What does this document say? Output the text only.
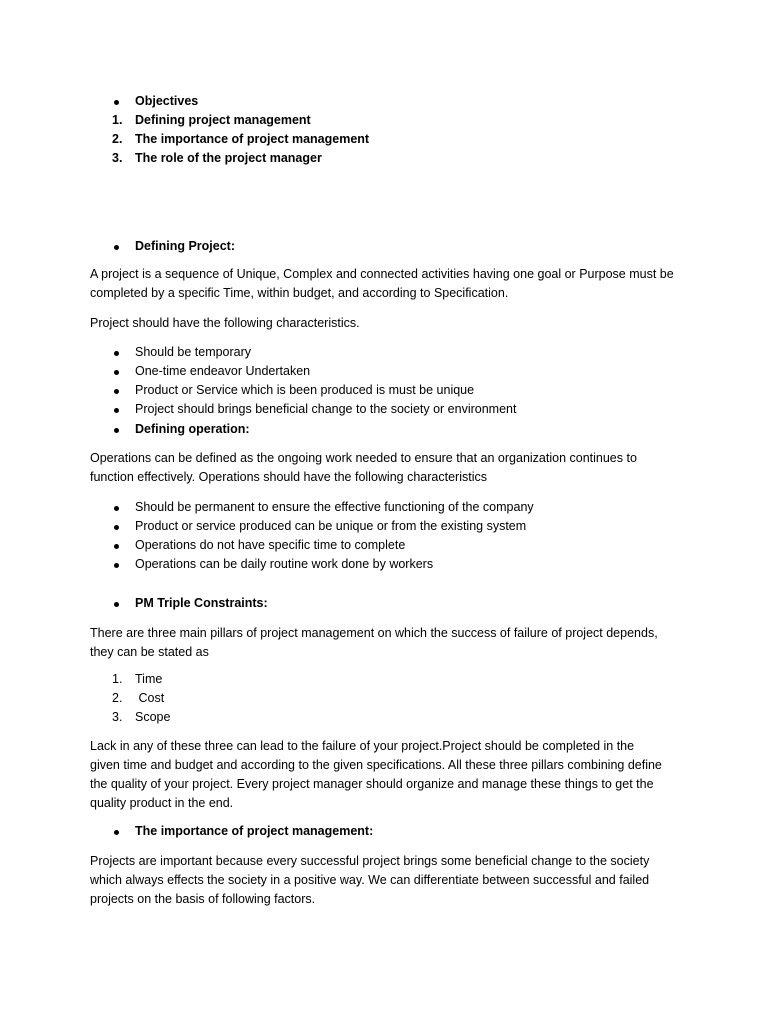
Objectives
1. Defining project management
2. The importance of project management
3. The role of the project manager
Defining Project:
A project is a sequence of Unique, Complex and connected activities having one goal or Purpose must be
completed by a specific Time, within budget, and according to Specification.
Project should have the following characteristics.
Should be temporary
One-time endeavor Undertaken
Product or Service which is been produced is must be unique
Project should brings beneficial change to the society or environment
Defining operation:
Operations can be defined as the ongoing work needed to ensure that an organization continues to
function effectively. Operations should have the following characteristics
Should be permanent to ensure the effective functioning of the company
Product or service produced can be unique or from the existing system
Operations do not have specific time to complete
Operations can be daily routine work done by workers
PM Triple Constraints:
There are three main pillars of project management on which the success of failure of project depends,
they can be stated as
1. Time
2. Cost
3. Scope
Lack in any of these three can lead to the failure of your project.Project should be completed in the
given time and budget and according to the given specifications. All these three pillars combining define
the quality of your project. Every project manager should organize and manage these things to get the
quality product in the end.
The importance of project management:
Projects are important because every successful project brings some beneficial change to the society
which always effects the society in a positive way. We can differentiate between successful and failed
projects on the basis of following factors.
